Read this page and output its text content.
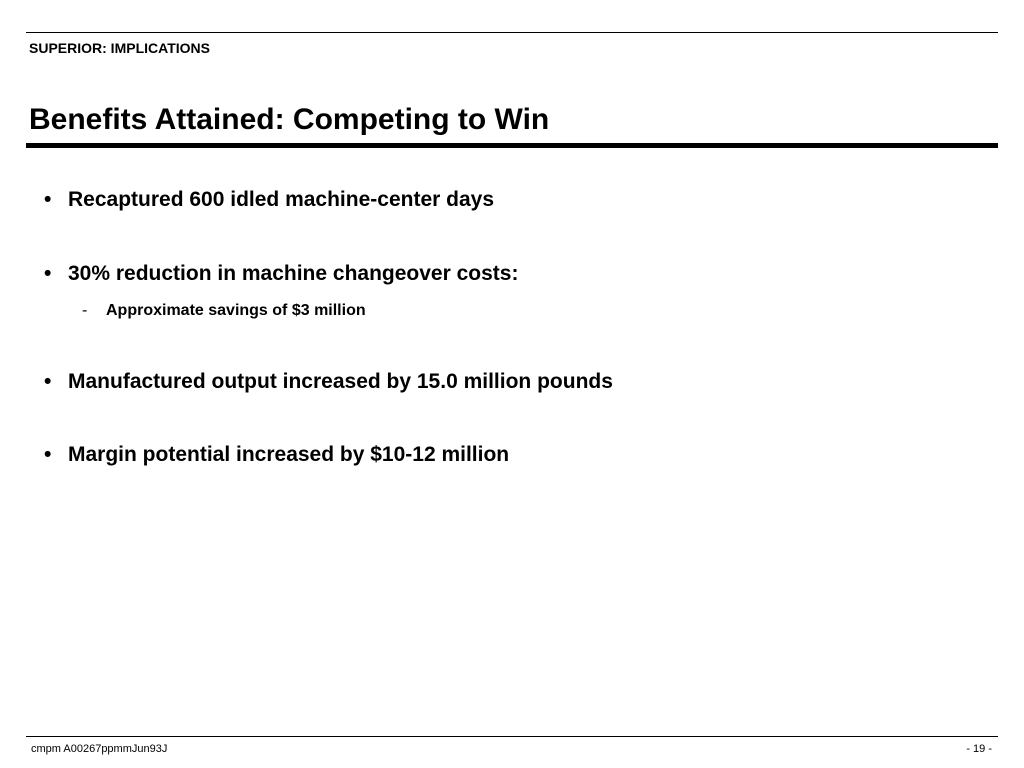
SUPERIOR: IMPLICATIONS
Benefits Attained: Competing to Win
• Recaptured 600 idled machine-center days
• 30% reduction in machine changeover costs:
-	Approximate savings of $3 million
• Manufactured output increased by 15.0 million pounds
• Margin potential increased by $10-12 million
cmpm A00267ppmmJun93J	- 19 -
